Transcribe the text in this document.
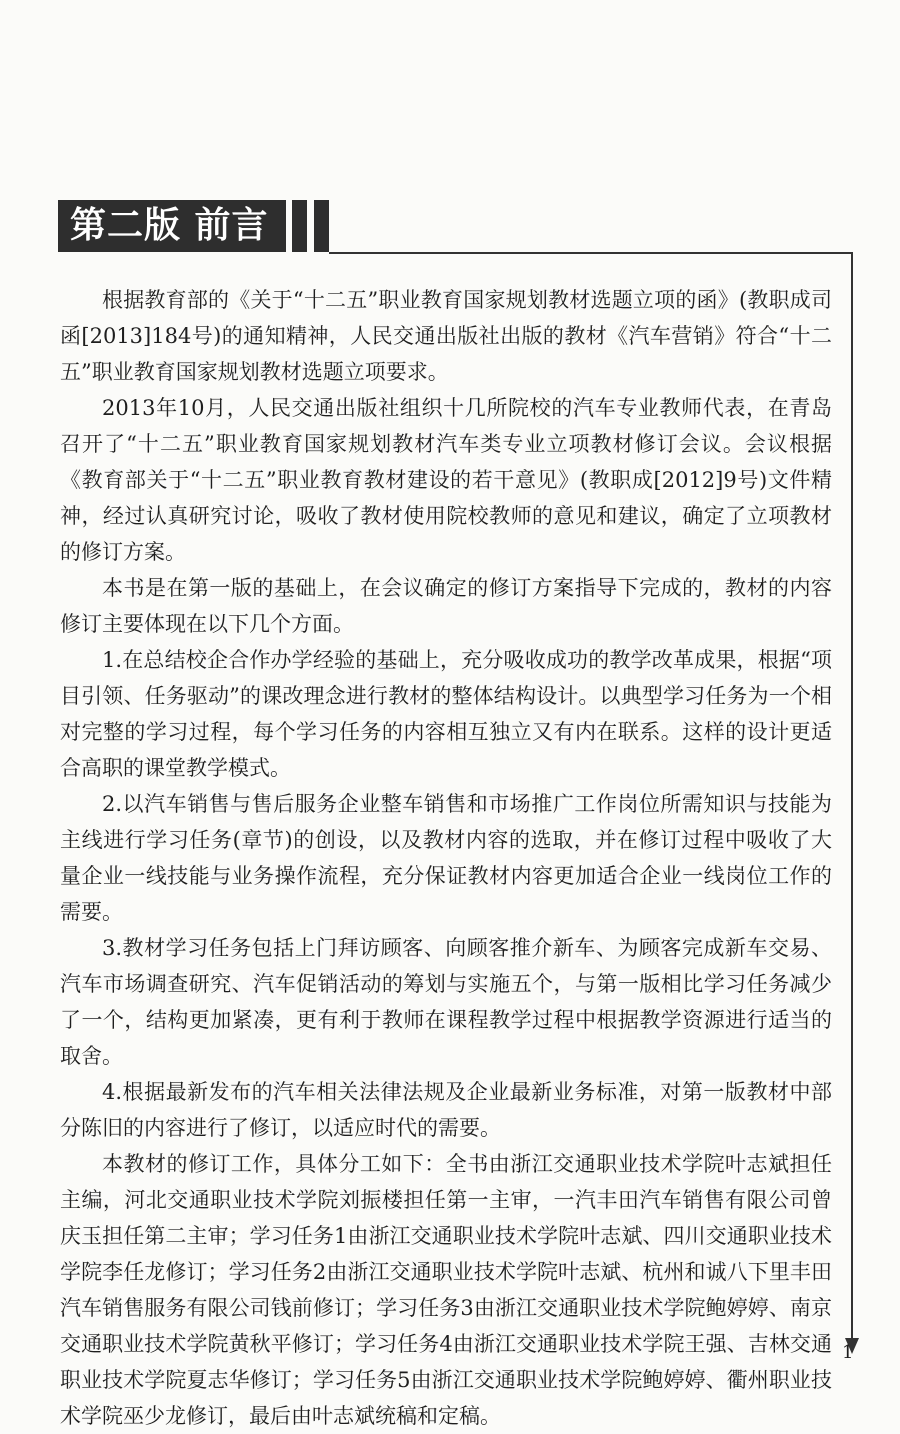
第二版 前言

根据教育部的《关于“十二五”职业教育国家规划教材选题立项的函》(教职成司函[2013]184号)的通知精神，人民交通出版社出版的教材《汽车营销》符合“十二五”职业教育国家规划教材选题立项要求。

2013年10月，人民交通出版社组织十几所院校的汽车专业教师代表，在青岛召开了“十二五”职业教育国家规划教材汽车类专业立项教材修订会议。会议根据《教育部关于“十二五”职业教育教材建设的若干意见》(教职成[2012]9号)文件精神，经过认真研究讨论，吸收了教材使用院校教师的意见和建议，确定了立项教材的修订方案。

本书是在第一版的基础上，在会议确定的修订方案指导下完成的，教材的内容修订主要体现在以下几个方面。

1.在总结校企合作办学经验的基础上，充分吸收成功的教学改革成果，根据“项目引领、任务驱动”的课改理念进行教材的整体结构设计。以典型学习任务为一个相对完整的学习过程，每个学习任务的内容相互独立又有内在联系。这样的设计更适合高职的课堂教学模式。

2.以汽车销售与售后服务企业整车销售和市场推广工作岗位所需知识与技能为主线进行学习任务(章节)的创设，以及教材内容的选取，并在修订过程中吸收了大量企业一线技能与业务操作流程，充分保证教材内容更加适合企业一线岗位工作的需要。

3.教材学习任务包括上门拜访顾客、向顾客推介新车、为顾客完成新车交易、汽车市场调查研究、汽车促销活动的筹划与实施五个，与第一版相比学习任务减少了一个，结构更加紧凑，更有利于教师在课程教学过程中根据教学资源进行适当的取舍。

4.根据最新发布的汽车相关法律法规及企业最新业务标准，对第一版教材中部分陈旧的内容进行了修订，以适应时代的需要。

本教材的修订工作，具体分工如下：全书由浙江交通职业技术学院叶志斌担任主编，河北交通职业技术学院刘振楼担任第一主审，一汽丰田汽车销售有限公司曾庆玉担任第二主审；学习任务1由浙江交通职业技术学院叶志斌、四川交通职业技术学院李任龙修订；学习任务2由浙江交通职业技术学院叶志斌、杭州和诚八下里丰田汽车销售服务有限公司钱前修订；学习任务3由浙江交通职业技术学院鲍婷婷、南京交通职业技术学院黄秋平修订；学习任务4由浙江交通职业技术学院王强、吉林交通职业技术学院夏志华修订；学习任务5由浙江交通职业技术学院鲍婷婷、衢州职业技术学院巫少龙修订，最后由叶志斌统稿和定稿。

1
